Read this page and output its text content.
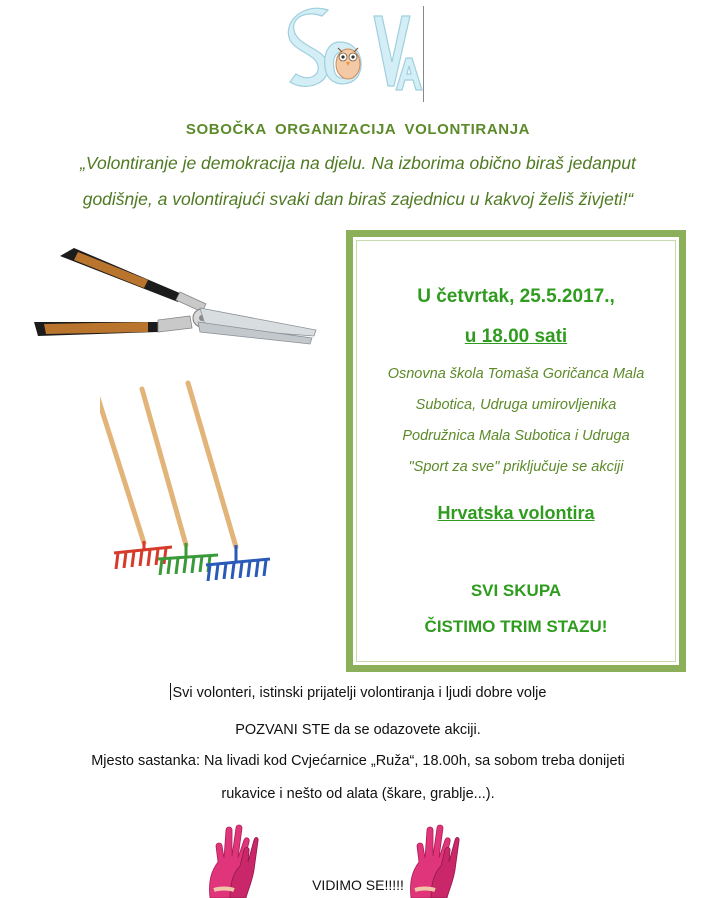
SOVA
SOBOČKA ORGANIZACIJA VOLONTIRANJA
„Volontiranje je demokracija na djelu. Na izborima obično biraš jedanput
godišnje, a volontirajući svaki dan biraš zajednicu u kakvoj želiš živjeti!“
U četvrtak, 25.5.2017.,
u 18.00 sati
Osnovna škola Tomaša Goričanca Mala
Subotica, Udruga umirovljenika
Podružnica Mala Subotica i Udruga
"Sport za sve" priključuje se akciji
Hrvatska volontira
SVI SKUPA
ČISTIMO TRIM STAZU!
Svi volonteri, istinski prijatelji volontiranja i ljudi dobre volje
POZVANI STE da se odazovete akciji.
Mjesto sastanka: Na livadi kod Cvjećarnice „Ruža“, 18.00h, sa sobom treba donijeti
rukavice i nešto od alata (škare, grablje...).
VIDIMO SE!!!!!
